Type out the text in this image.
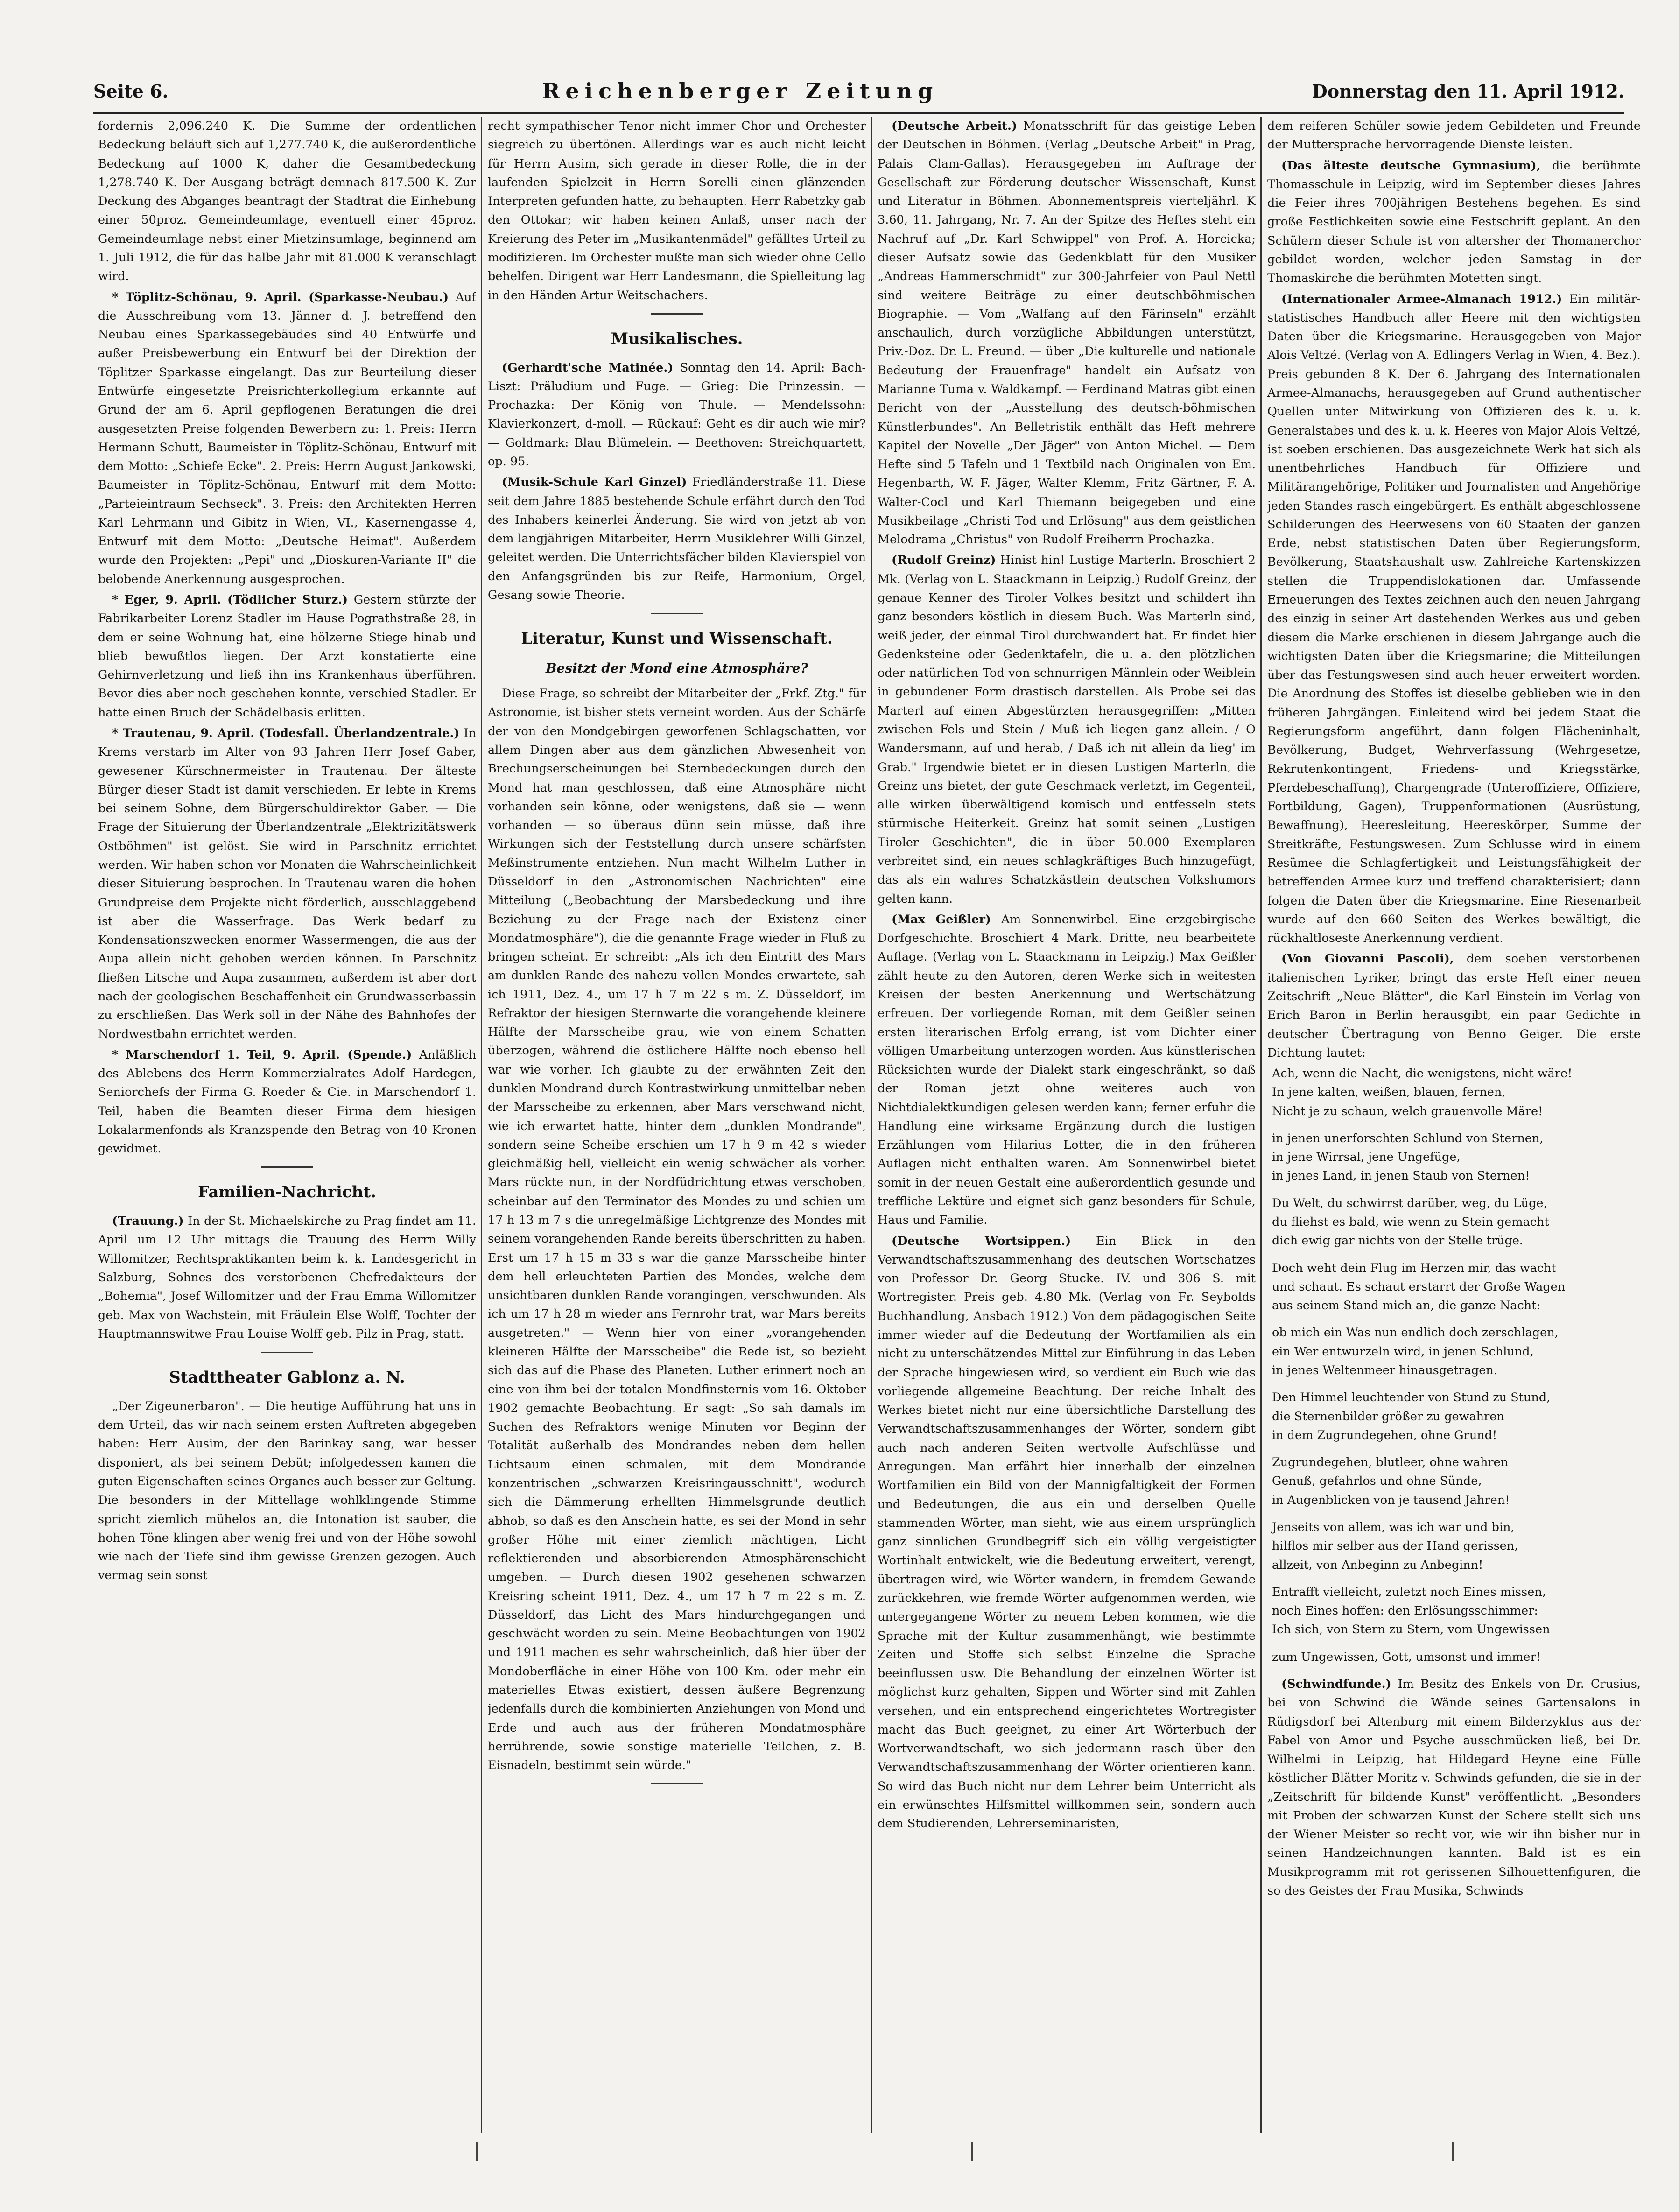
Seite 6.	Reichenberger Zeitung	Donnerstag den 11. April 1912.

fordernis 2,096.240 K. Die Summe der ordentlichen Bedeckung beläuft sich auf 1,277.740 K, die außerordentliche Bedeckung auf 1000 K, daher die Gesamtbedeckung 1,278.740 K. Der Ausgang beträgt demnach 817.500 K. Zur Deckung des Abganges beantragt der Stadtrat die Einhebung einer 50proz. Gemeindeumlage, eventuell einer 45proz. Gemeindeumlage nebst einer Mietzinsumlage, beginnend am 1. Juli 1912, die für das halbe Jahr mit 81.000 K veranschlagt wird.

* Töplitz-Schönau, 9. April. (Sparkasse-Neubau.) Auf die Ausschreibung vom 13. Jänner d. J. betreffend den Neubau eines Sparkassegebäudes sind 40 Entwürfe und außer Preisbewerbung ein Entwurf bei der Direktion der Töplitzer Sparkasse eingelangt. Das zur Beurteilung dieser Entwürfe eingesetzte Preisrichterkollegium erkannte auf Grund der am 6. April gepflogenen Beratungen die drei ausgesetzten Preise folgenden Bewerbern zu: 1. Preis: Herrn Hermann Schutt, Baumeister in Töplitz-Schönau, Entwurf mit dem Motto: „Schiefe Ecke". 2. Preis: Herrn August Jankowski, Baumeister in Töplitz-Schönau, Entwurf mit dem Motto: „Parteieintraum Sechseck". 3. Preis: den Architekten Herren Karl Lehrmann und Gibitz in Wien, VI., Kasernengasse 4, Entwurf mit dem Motto: „Deutsche Heimat". Außerdem wurde den Projekten: „Pepi" und „Dioskuren-Variante II" die belobende Anerkennung ausgesprochen.

* Eger, 9. April. (Tödlicher Sturz.) Gestern stürzte der Fabrikarbeiter Lorenz Stadler im Hause Pograthstraße 28, in dem er seine Wohnung hat, eine hölzerne Stiege hinab und blieb bewußtlos liegen. Der Arzt konstatierte eine Gehirnverletzung und ließ ihn ins Krankenhaus überführen. Bevor dies aber noch geschehen konnte, verschied Stadler. Er hatte einen Bruch der Schädelbasis erlitten.

* Trautenau, 9. April. (Todesfall. Überlandzentrale.) In Krems verstarb im Alter von 93 Jahren Herr Josef Gaber, gewesener Kürschnermeister in Trautenau. Der älteste Bürger dieser Stadt ist damit verschieden. Er lebte in Krems bei seinem Sohne, dem Bürgerschuldirektor Gaber. — Die Frage der Situierung der Überlandzentrale „Elektrizitätswerk Ostböhmen" ist gelöst. Sie wird in Parschnitz errichtet werden. Wir haben schon vor Monaten die Wahrscheinlichkeit dieser Situierung besprochen. In Trautenau waren die hohen Grundpreise dem Projekte nicht förderlich, ausschlaggebend ist aber die Wasserfrage. Das Werk bedarf zu Kondensationszwecken enormer Wassermengen, die aus der Aupa allein nicht gehoben werden können. In Parschnitz fließen Litsche und Aupa zusammen, außerdem ist aber dort nach der geologischen Beschaffenheit ein Grundwasserbassin zu erschließen. Das Werk soll in der Nähe des Bahnhofes der Nordwestbahn errichtet werden.

* Marschendorf 1. Teil, 9. April. (Spende.) Anläßlich des Ablebens des Herrn Kommerzialrates Adolf Hardegen, Seniorchefs der Firma G. Roeder & Cie. in Marschendorf 1. Teil, haben die Beamten dieser Firma dem hiesigen Lokalarmenfonds als Kranzspende den Betrag von 40 Kronen gewidmet.

Familien-Nachricht.

(Trauung.) In der St. Michaelskirche zu Prag findet am 11. April um 12 Uhr mittags die Trauung des Herrn Willy Willomitzer, Rechtspraktikanten beim k. k. Landesgericht in Salzburg, Sohnes des verstorbenen Chefredakteurs der „Bohemia", Josef Willomitzer und der Frau Emma Willomitzer geb. Max von Wachstein, mit Fräulein Else Wolff, Tochter der Hauptmannswitwe Frau Louise Wolff geb. Pilz in Prag, statt.

Stadttheater Gablonz a. N.

„Der Zigeunerbaron". — Die heutige Aufführung hat uns in dem Urteil, das wir nach seinem ersten Auftreten abgegeben haben: Herr Ausim, der den Barinkay sang, war besser disponiert, als bei seinem Debüt; infolgedessen kamen die guten Eigenschaften seines Organes auch besser zur Geltung. Die besonders in der Mittellage wohlklingende Stimme spricht ziemlich mühelos an, die Intonation ist sauber, die hohen Töne klingen aber wenig frei und von der Höhe sowohl wie nach der Tiefe sind ihm gewisse Grenzen gezogen. Auch vermag sein sonst

recht sympathischer Tenor nicht immer Chor und Orchester siegreich zu übertönen. Allerdings war es auch nicht leicht für Herrn Ausim, sich gerade in dieser Rolle, die in der laufenden Spielzeit in Herrn Sorelli einen glänzenden Interpreten gefunden hatte, zu behaupten. Herr Rabetzky gab den Ottokar; wir haben keinen Anlaß, unser nach der Kreierung des Peter im „Musikantenmädel" gefälltes Urteil zu modifizieren. Im Orchester mußte man sich wieder ohne Cello behelfen. Dirigent war Herr Landesmann, die Spielleitung lag in den Händen Artur Weitschachers.

Musikalisches.

(Gerhardt'sche Matinée.) Sonntag den 14. April: Bach-Liszt: Präludium und Fuge. — Grieg: Die Prinzessin. — Prochazka: Der König von Thule. — Mendelssohn: Klavierkonzert, d-moll. — Rückauf: Geht es dir auch wie mir? — Goldmark: Blau Blümelein. — Beethoven: Streichquartett, op. 95.

(Musik-Schule Karl Ginzel) Friedländerstraße 11. Diese seit dem Jahre 1885 bestehende Schule erfährt durch den Tod des Inhabers keinerlei Änderung. Sie wird von jetzt ab von dem langjährigen Mitarbeiter, Herrn Musiklehrer Willi Ginzel, geleitet werden. Die Unterrichtsfächer bilden Klavierspiel von den Anfangsgründen bis zur Reife, Harmonium, Orgel, Gesang sowie Theorie.

Literatur, Kunst und Wissenschaft.
Besitzt der Mond eine Atmosphäre?

Diese Frage, so schreibt der Mitarbeiter der „Frkf. Ztg." für Astronomie, ist bisher stets verneint worden. Aus der Schärfe der von den Mondgebirgen geworfenen Schlagschatten, vor allem Dingen aber aus dem gänzlichen Abwesenheit von Brechungserscheinungen bei Sternbedeckungen durch den Mond hat man geschlossen, daß eine Atmosphäre nicht vorhanden sein könne, oder wenigstens, daß sie — wenn vorhanden — so überaus dünn sein müsse, daß ihre Wirkungen sich der Feststellung durch unsere schärfsten Meßinstrumente entziehen. Nun macht Wilhelm Luther in Düsseldorf in den „Astronomischen Nachrichten" eine Mitteilung („Beobachtung der Marsbedeckung und ihre Beziehung zu der Frage nach der Existenz einer Mondatmosphäre"), die die genannte Frage wieder in Fluß zu bringen scheint. Er schreibt: „Als ich den Eintritt des Mars am dunklen Rande des nahezu vollen Mondes erwartete, sah ich 1911, Dez. 4., um 17 h 7 m 22 s m. Z. Düsseldorf, im Refraktor der hiesigen Sternwarte die vorangehende kleinere Hälfte der Marsscheibe grau, wie von einem Schatten überzogen, während die östlichere Hälfte noch ebenso hell war wie vorher. Ich glaubte zu der erwähnten Zeit den dunklen Mondrand durch Kontrastwirkung unmittelbar neben der Marsscheibe zu erkennen, aber Mars verschwand nicht, wie ich erwartet hatte, hinter dem „dunklen Mondrande", sondern seine Scheibe erschien um 17 h 9 m 42 s wieder gleichmäßig hell, vielleicht ein wenig schwächer als vorher. Mars rückte nun, in der Nordfüdrichtung etwas verschoben, scheinbar auf den Terminator des Mondes zu und schien um 17 h 13 m 7 s die unregelmäßige Lichtgrenze des Mondes mit seinem vorangehenden Rande bereits überschritten zu haben. Erst um 17 h 15 m 33 s war die ganze Marsscheibe hinter dem hell erleuchteten Partien des Mondes, welche dem unsichtbaren dunklen Rande vorangingen, verschwunden. Als ich um 17 h 28 m wieder ans Fernrohr trat, war Mars bereits ausgetreten." — Wenn hier von einer „vorangehenden kleineren Hälfte der Marsscheibe" die Rede ist, so bezieht sich das auf die Phase des Planeten. Luther erinnert noch an eine von ihm bei der totalen Mondfinsternis vom 16. Oktober 1902 gemachte Beobachtung. Er sagt: „So sah damals im Suchen des Refraktors wenige Minuten vor Beginn der Totalität außerhalb des Mondrandes neben dem hellen Lichtsaum einen schmalen, mit dem Mondrande konzentrischen „schwarzen Kreisringausschnitt", wodurch sich die Dämmerung erhellten Himmelsgrunde deutlich abhob, so daß es den Anschein hatte, es sei der Mond in sehr großer Höhe mit einer ziemlich mächtigen, Licht reflektierenden und absorbierenden Atmosphärenschicht umgeben. — Durch diesen 1902 gesehenen schwarzen Kreisring scheint 1911, Dez. 4., um 17 h 7 m 22 s m. Z. Düsseldorf, das Licht des Mars hindurchgegangen und geschwächt worden zu sein. Meine Beobachtungen von 1902 und 1911 machen es sehr wahrscheinlich, daß hier über der Mondoberfläche in einer Höhe von 100 Km. oder mehr ein materielles Etwas existiert, dessen äußere Begrenzung jedenfalls durch die kombinierten Anziehungen von Mond und Erde und auch aus der früheren Mondatmosphäre herrührende, sowie sonstige materielle Teilchen, z. B. Eisnadeln, bestimmt sein würde."

(Deutsche Arbeit.) Monatsschrift für das geistige Leben der Deutschen in Böhmen. (Verlag „Deutsche Arbeit" in Prag, Palais Clam-Gallas). Herausgegeben im Auftrage der Gesellschaft zur Förderung deutscher Wissenschaft, Kunst und Literatur in Böhmen. Abonnementspreis vierteljährl. K 3.60, 11. Jahrgang, Nr. 7. An der Spitze des Heftes steht ein Nachruf auf „Dr. Karl Schwippel" von Prof. A. Horcicka; dieser Aufsatz sowie das Gedenkblatt für den Musiker „Andreas Hammerschmidt" zur 300-Jahrfeier von Paul Nettl sind weitere Beiträge zu einer deutschböhmischen Biographie. — Vom „Walfang auf den Färinseln" erzählt anschaulich, durch vorzügliche Abbildungen unterstützt, Priv.-Doz. Dr. L. Freund. — über „Die kulturelle und nationale Bedeutung der Frauenfrage" handelt ein Aufsatz von Marianne Tuma v. Waldkampf. — Ferdinand Matras gibt einen Bericht von der „Ausstellung des deutsch-böhmischen Künstlerbundes". An Belletristik enthält das Heft mehrere Kapitel der Novelle „Der Jäger" von Anton Michel. — Dem Hefte sind 5 Tafeln und 1 Textbild nach Originalen von Em. Hegenbarth, W. F. Jäger, Walter Klemm, Fritz Gärtner, F. A. Walter-Cocl und Karl Thiemann beigegeben und eine Musikbeilage „Christi Tod und Erlösung" aus dem geistlichen Melodrama „Christus" von Rudolf Freiherrn Prochazka.

(Rudolf Greinz) Hinist hin! Lustige Marterln. Broschiert 2 Mk. (Verlag von L. Staackmann in Leipzig.) Rudolf Greinz, der genaue Kenner des Tiroler Volkes besitzt und schildert ihn ganz besonders köstlich in diesem Buch. Was Marterln sind, weiß jeder, der einmal Tirol durchwandert hat. Er findet hier Gedenksteine oder Gedenktafeln, die u. a. den plötzlichen oder natürlichen Tod von schnurrigen Männlein oder Weiblein in gebundener Form drastisch darstellen. Als Probe sei das Marterl auf einen Abgestürzten herausgegriffen: „Mitten zwischen Fels und Stein / Muß ich liegen ganz allein. / O Wandersmann, auf und herab, / Daß ich nit allein da lieg' im Grab." Irgendwie bietet er in diesen Lustigen Marterln, die Greinz uns bietet, der gute Geschmack verletzt, im Gegenteil, alle wirken überwältigend komisch und entfesseln stets stürmische Heiterkeit. Greinz hat somit seinen „Lustigen Tiroler Geschichten", die in über 50.000 Exemplaren verbreitet sind, ein neues schlagkräftiges Buch hinzugefügt, das als ein wahres Schatzkästlein deutschen Volkshumors gelten kann.

(Max Geißler) Am Sonnenwirbel. Eine erzgebirgische Dorfgeschichte. Broschiert 4 Mark. Dritte, neu bearbeitete Auflage. (Verlag von L. Staackmann in Leipzig.) Max Geißler zählt heute zu den Autoren, deren Werke sich in weitesten Kreisen der besten Anerkennung und Wertschätzung erfreuen. Der vorliegende Roman, mit dem Geißler seinen ersten literarischen Erfolg errang, ist vom Dichter einer völligen Umarbeitung unterzogen worden. Aus künstlerischen Rücksichten wurde der Dialekt stark eingeschränkt, so daß der Roman jetzt ohne weiteres auch von Nichtdialektkundigen gelesen werden kann; ferner erfuhr die Handlung eine wirksame Ergänzung durch die lustigen Erzählungen vom Hilarius Lotter, die in den früheren Auflagen nicht enthalten waren. Am Sonnenwirbel bietet somit in der neuen Gestalt eine außerordentlich gesunde und treffliche Lektüre und eignet sich ganz besonders für Schule, Haus und Familie.

(Deutsche Wortsippen.) Ein Blick in den Verwandtschaftszusammenhang des deutschen Wortschatzes von Professor Dr. Georg Stucke. IV. und 306 S. mit Wortregister. Preis geb. 4.80 Mk. (Verlag von Fr. Seybolds Buchhandlung, Ansbach 1912.) Von dem pädagogischen Seite immer wieder auf die Bedeutung der Wortfamilien als ein nicht zu unterschätzendes Mittel zur Einführung in das Leben der Sprache hingewiesen wird, so verdient ein Buch wie das vorliegende allgemeine Beachtung. Der reiche Inhalt des Werkes bietet nicht nur eine übersichtliche Darstellung des Verwandtschaftszusammenhanges der Wörter, sondern gibt auch nach anderen Seiten wertvolle Aufschlüsse und Anregungen. Man erfährt hier innerhalb der einzelnen Wortfamilien ein Bild von der Mannigfaltigkeit der Formen und Bedeutungen, die aus ein und derselben Quelle stammenden Wörter, man sieht, wie aus einem ursprünglich ganz sinnlichen Grundbegriff sich ein völlig vergeistigter Wortinhalt entwickelt, wie die Bedeutung erweitert, verengt, übertragen wird, wie Wörter wandern, in fremdem Gewande zurückkehren, wie fremde Wörter aufgenommen werden, wie untergegangene Wörter zu neuem Leben kommen, wie die Sprache mit der Kultur zusammenhängt, wie bestimmte Zeiten und Stoffe sich selbst Einzelne die Sprache beeinflussen usw. Die Behandlung der einzelnen Wörter ist möglichst kurz gehalten, Sippen und Wörter sind mit Zahlen versehen, und ein entsprechend eingerichtetes Wortregister macht das Buch geeignet, zu einer Art Wörterbuch der Wortverwandtschaft, wo sich jedermann rasch über den Verwandtschaftszusammenhang der Wörter orientieren kann. So wird das Buch nicht nur dem Lehrer beim Unterricht als ein erwünschtes Hilfsmittel willkommen sein, sondern auch dem Studierenden, Lehrerseminaristen,

dem reiferen Schüler sowie jedem Gebildeten und Freunde der Muttersprache hervorragende Dienste leisten.

(Das älteste deutsche Gymnasium), die berühmte Thomasschule in Leipzig, wird im September dieses Jahres die Feier ihres 700jährigen Bestehens begehen. Es sind große Festlichkeiten sowie eine Festschrift geplant. An den Schülern dieser Schule ist von altersher der Thomanerchor gebildet worden, welcher jeden Samstag in der Thomaskirche die berühmten Motetten singt.

(Internationaler Armee-Almanach 1912.) Ein militär-statistisches Handbuch aller Heere mit den wichtigsten Daten über die Kriegsmarine. Herausgegeben von Major Alois Veltzé. (Verlag von A. Edlingers Verlag in Wien, 4. Bez.). Preis gebunden 8 K. Der 6. Jahrgang des Internationalen Armee-Almanachs, herausgegeben auf Grund authentischer Quellen unter Mitwirkung von Offizieren des k. u. k. Generalstabes und des k. u. k. Heeres von Major Alois Veltzé, ist soeben erschienen. Das ausgezeichnete Werk hat sich als unentbehrliches Handbuch für Offiziere und Militärangehörige, Politiker und Journalisten und Angehörige jeden Standes rasch eingebürgert. Es enthält abgeschlossene Schilderungen des Heerwesens von 60 Staaten der ganzen Erde, nebst statistischen Daten über Regierungsform, Bevölkerung, Staatshaushalt usw. Zahlreiche Kartenskizzen stellen die Truppendislokationen dar. Umfassende Erneuerungen des Textes zeichnen auch den neuen Jahrgang des einzig in seiner Art dastehenden Werkes aus und geben diesem die Marke erschienen in diesem Jahrgange auch die wichtigsten Daten über die Kriegsmarine; die Mitteilungen über das Festungswesen sind auch heuer erweitert worden. Die Anordnung des Stoffes ist dieselbe geblieben wie in den früheren Jahrgängen. Einleitend wird bei jedem Staat die Regierungsform angeführt, dann folgen Flächeninhalt, Bevölkerung, Budget, Wehrverfassung (Wehrgesetze, Rekrutenkontingent, Friedens- und Kriegsstärke, Pferdebeschaffung), Chargengrade (Unteroffiziere, Offiziere, Fortbildung, Gagen), Truppenformationen (Ausrüstung, Bewaffnung), Heeresleitung, Heereskörper, Summe der Streitkräfte, Festungswesen. Zum Schlusse wird in einem Resümee die Schlagfertigkeit und Leistungsfähigkeit der betreffenden Armee kurz und treffend charakterisiert; dann folgen die Daten über die Kriegsmarine. Eine Riesenarbeit wurde auf den 660 Seiten des Werkes bewältigt, die rückhaltloseste Anerkennung verdient.

(Von Giovanni Pascoli), dem soeben verstorbenen italienischen Lyriker, bringt das erste Heft einer neuen Zeitschrift „Neue Blätter", die Karl Einstein im Verlag von Erich Baron in Berlin herausgibt, ein paar Gedichte in deutscher Übertragung von Benno Geiger. Die erste Dichtung lautet:

Ach, wenn die Nacht, die wenigstens, nicht wäre!
In jene kalten, weißen, blauen, fernen,
Nicht je zu schaun, welch grauenvolle Märe!

in jenen unerforschten Schlund von Sternen,
in jene Wirrsal, jene Ungefüge,
in jenes Land, in jenen Staub von Sternen!

Du Welt, du schwirrst darüber, weg, du Lüge,
du fliehst es bald, wie wenn zu Stein gemacht
dich ewig gar nichts von der Stelle trüge.

Doch weht dein Flug im Herzen mir, das wacht
und schaut. Es schaut erstarrt der Große Wagen
aus seinem Stand mich an, die ganze Nacht:

ob mich ein Was nun endlich doch zerschlagen,
ein Wer entwurzeln wird, in jenen Schlund,
in jenes Weltenmeer hinausgetragen.

Den Himmel leuchtender von Stund zu Stund,
die Sternenbilder größer zu gewahren
in dem Zugrundegehen, ohne Grund!

Zugrundegehen, blutleer, ohne wahren
Genuß, gefahrlos und ohne Sünde,
in Augenblicken von je tausend Jahren!

Jenseits von allem, was ich war und bin,
hilflos mir selber aus der Hand gerissen,
allzeit, von Anbeginn zu Anbeginn!

Entrafft vielleicht, zuletzt noch Eines missen,
noch Eines hoffen: den Erlösungsschimmer:
Ich sich, von Stern zu Stern, vom Ungewissen

zum Ungewissen, Gott, umsonst und immer!

(Schwindfunde.) Im Besitz des Enkels von Dr. Crusius, bei von Schwind die Wände seines Gartensalons in Rüdigsdorf bei Altenburg mit einem Bilderzyklus aus der Fabel von Amor und Psyche ausschmücken ließ, bei Dr. Wilhelmi in Leipzig, hat Hildegard Heyne eine Fülle köstlicher Blätter Moritz v. Schwinds gefunden, die sie in der „Zeitschrift für bildende Kunst" veröffentlicht. „Besonders mit Proben der schwarzen Kunst der Schere stellt sich uns der Wiener Meister so recht vor, wie wir ihn bisher nur in seinen Handzeichnungen kannten. Bald ist es ein Musikprogramm mit rot gerissenen Silhouettenfiguren, die so des Geistes der Frau Musika, Schwinds
